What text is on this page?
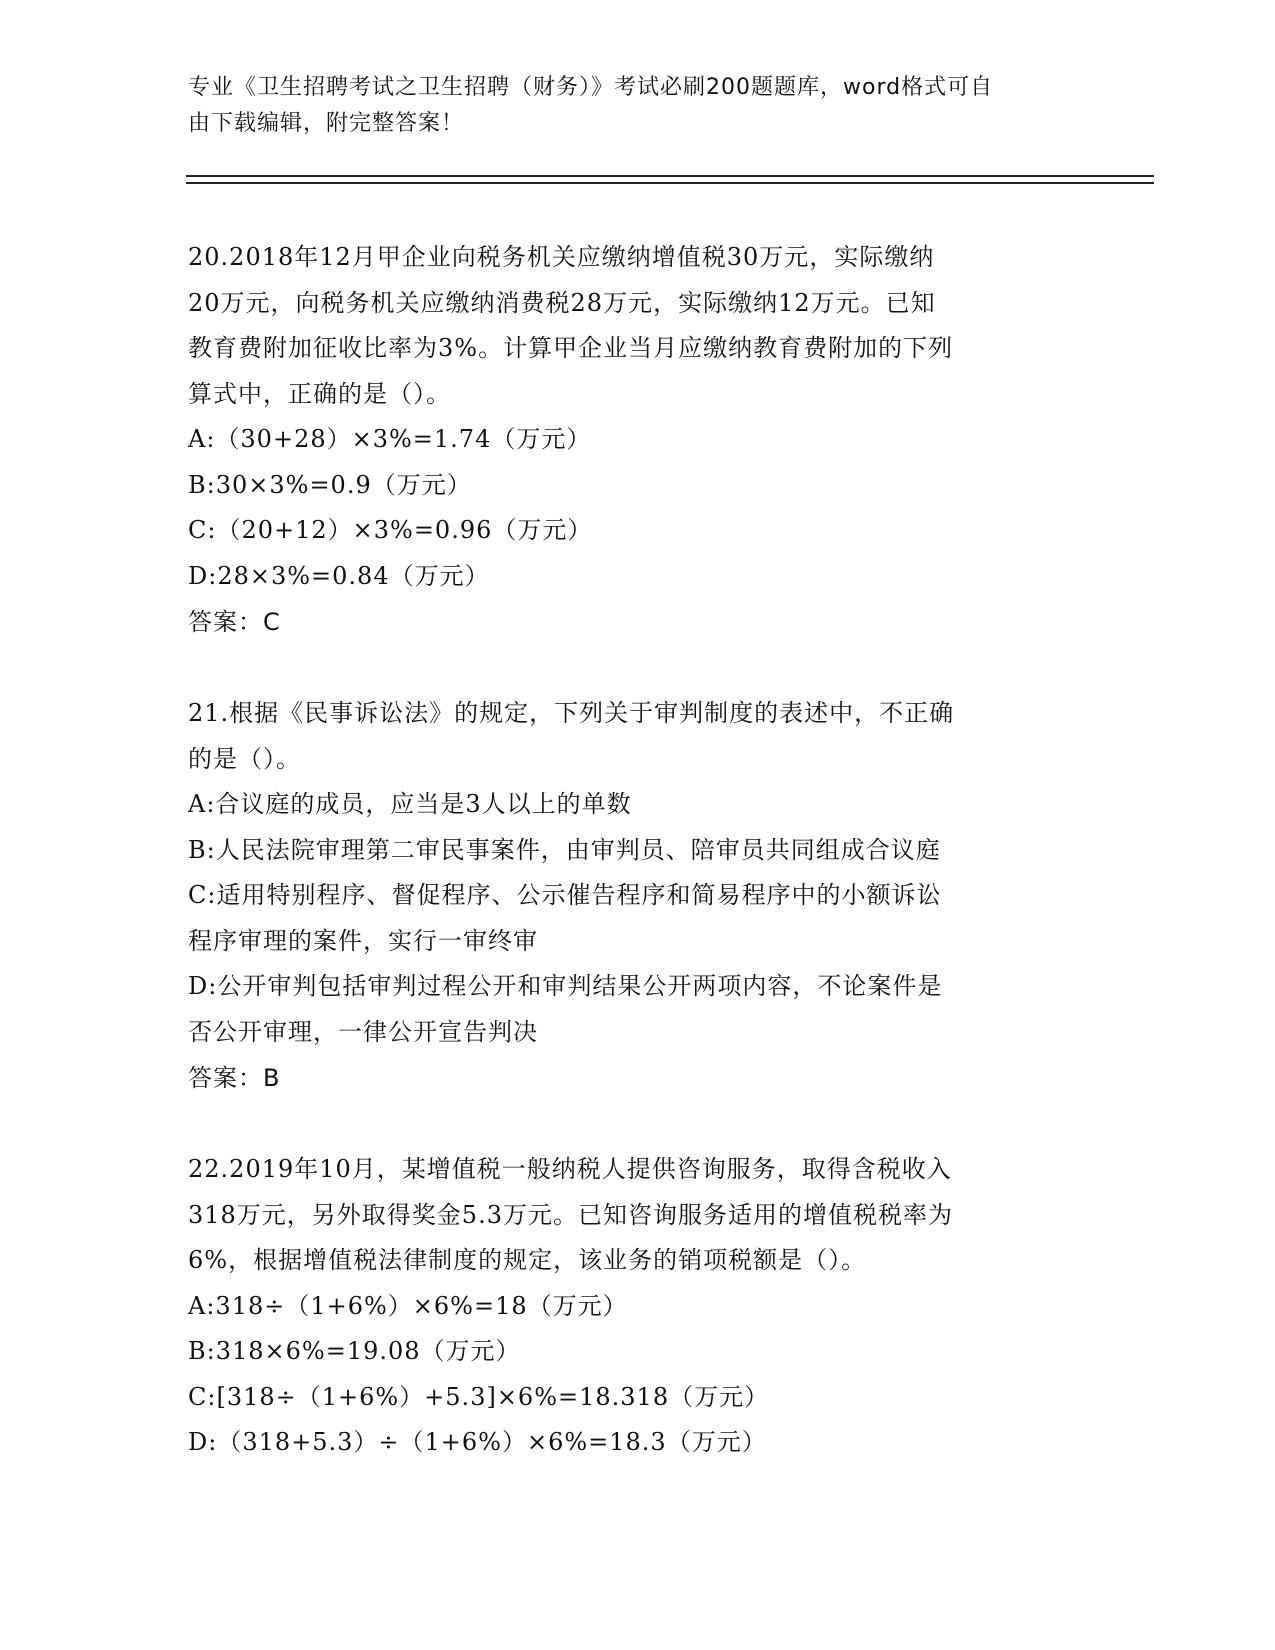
专业《卫生招聘考试之卫生招聘（财务）》考试必刷200题题库，word格式可自
由下载编辑，附完整答案！
20.2018年12月甲企业向税务机关应缴纳增值税30万元，实际缴纳
20万元，向税务机关应缴纳消费税28万元，实际缴纳12万元。已知
教育费附加征收比率为3%。计算甲企业当月应缴纳教育费附加的下列
算式中，正确的是（）。
A:（30+28）×3%=1.74（万元）
B:30×3%=0.9（万元）
C:（20+12）×3%=0.96（万元）
D:28×3%=0.84（万元）
答案：C
21.根据《民事诉讼法》的规定，下列关于审判制度的表述中，不正确
的是（）。
A:合议庭的成员，应当是3人以上的单数
B:人民法院审理第二审民事案件，由审判员、陪审员共同组成合议庭
C:适用特别程序、督促程序、公示催告程序和简易程序中的小额诉讼
程序审理的案件，实行一审终审
D:公开审判包括审判过程公开和审判结果公开两项内容，不论案件是
否公开审理，一律公开宣告判决
答案：B
22.2019年10月，某增值税一般纳税人提供咨询服务，取得含税收入
318万元，另外取得奖金5.3万元。已知咨询服务适用的增值税税率为
6%，根据增值税法律制度的规定，该业务的销项税额是（）。
A:318÷（1+6%）×6%=18（万元）
B:318×6%=19.08（万元）
C:[318÷（1+6%）+5.3]×6%=18.318（万元）
D:（318+5.3）÷（1+6%）×6%=18.3（万元）
